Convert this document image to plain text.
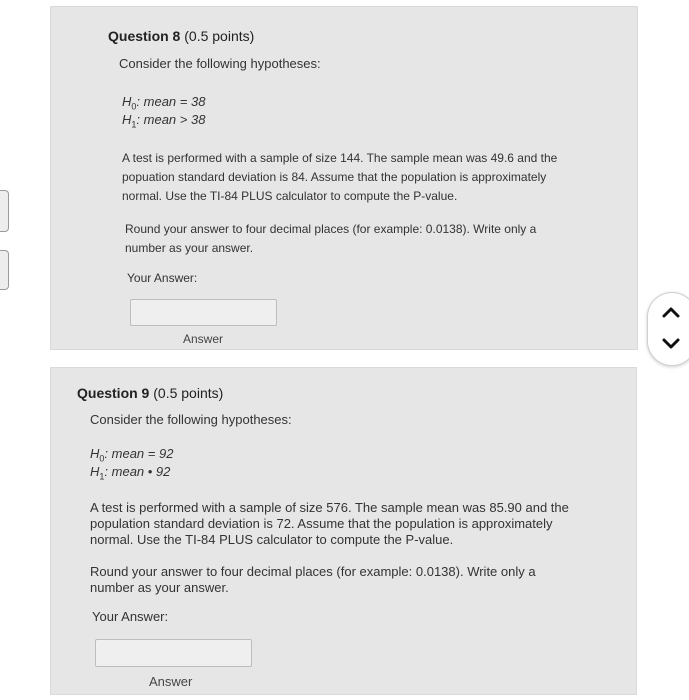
Question 8 (0.5 points)
Consider the following hypotheses:
$H_0$: mean = 38
$H_1$: mean > 38
A test is performed with a sample of size 144. The sample mean was 49.6 and the
popuation standard deviation is 84. Assume that the population is approximately
normal. Use the TI-84 PLUS calculator to compute the P-value.
Round your answer to four decimal places (for example: 0.0138). Write only a
number as your answer.
Your Answer:
Answer
Question 9 (0.5 points)
Consider the following hypotheses:
$H_0$: mean = 92
$H_1$: mean • 92
A test is performed with a sample of size 576. The sample mean was 85.90 and the
population standard deviation is 72. Assume that the population is approximately
normal. Use the TI-84 PLUS calculator to compute the P-value.
Round your answer to four decimal places (for example: 0.0138). Write only a
number as your answer.
Your Answer:
Answer
